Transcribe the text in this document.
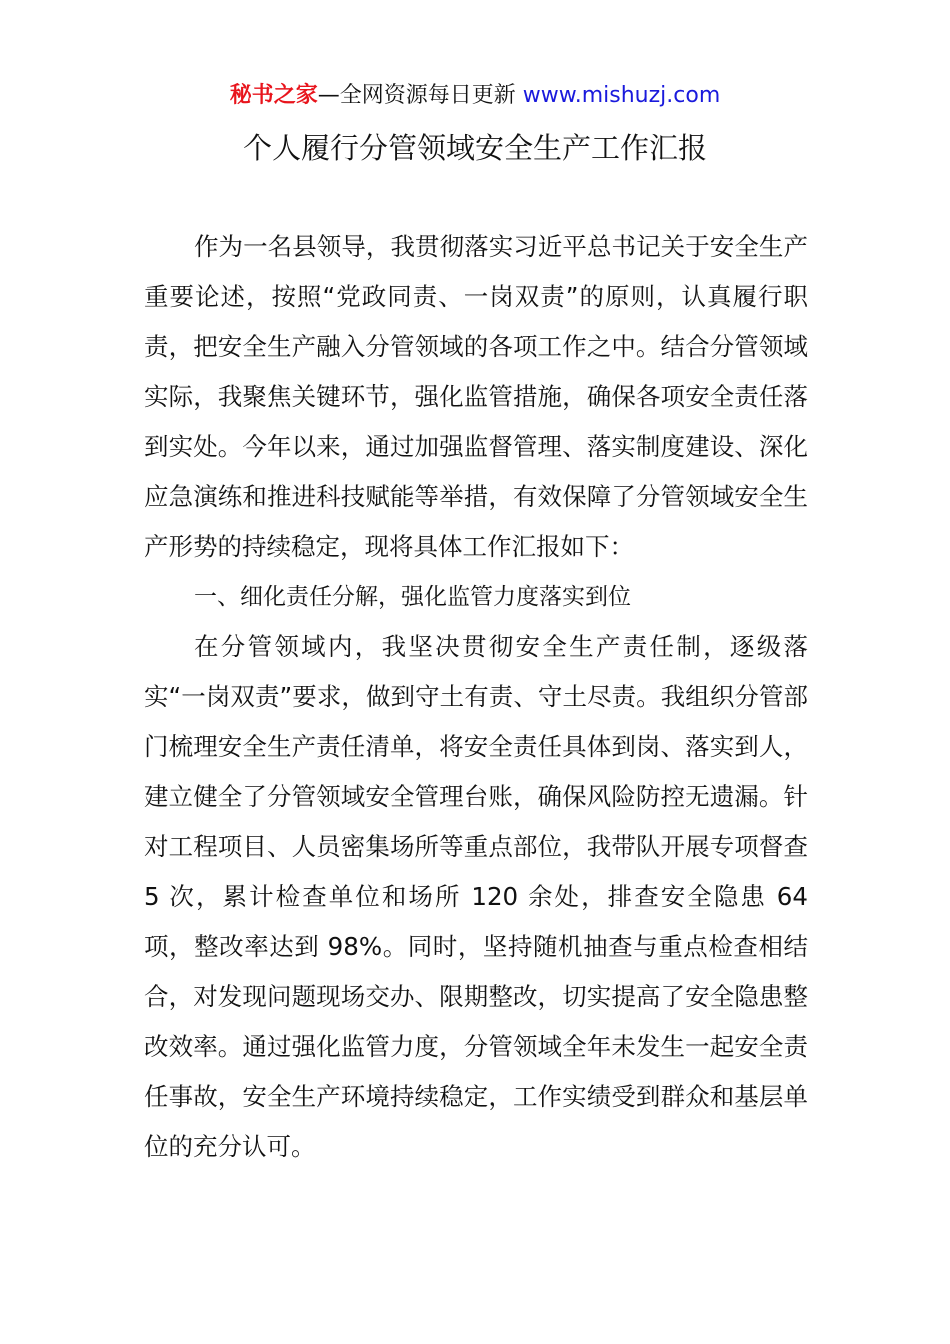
秘书之家—全网资源每日更新 www.mishuzj.com
个人履行分管领域安全生产工作汇报

作为一名县领导，我贯彻落实习近平总书记关于安全生产重要论述，按照“党政同责、一岗双责”的原则，认真履行职责，把安全生产融入分管领域的各项工作之中。结合分管领域实际，我聚焦关键环节，强化监管措施，确保各项安全责任落到实处。今年以来，通过加强监督管理、落实制度建设、深化应急演练和推进科技赋能等举措，有效保障了分管领域安全生产形势的持续稳定，现将具体工作汇报如下：

一、细化责任分解，强化监管力度落实到位

在分管领域内，我坚决贯彻安全生产责任制，逐级落实“一岗双责”要求，做到守土有责、守土尽责。我组织分管部门梳理安全生产责任清单，将安全责任具体到岗、落实到人，建立健全了分管领域安全管理台账，确保风险防控无遗漏。针对工程项目、人员密集场所等重点部位，我带队开展专项督查 5 次，累计检查单位和场所 120 余处，排查安全隐患 64 项，整改率达到 98%。同时，坚持随机抽查与重点检查相结合，对发现问题现场交办、限期整改，切实提高了安全隐患整改效率。通过强化监管力度，分管领域全年未发生一起安全责任事故，安全生产环境持续稳定，工作实绩受到群众和基层单位的充分认可。
